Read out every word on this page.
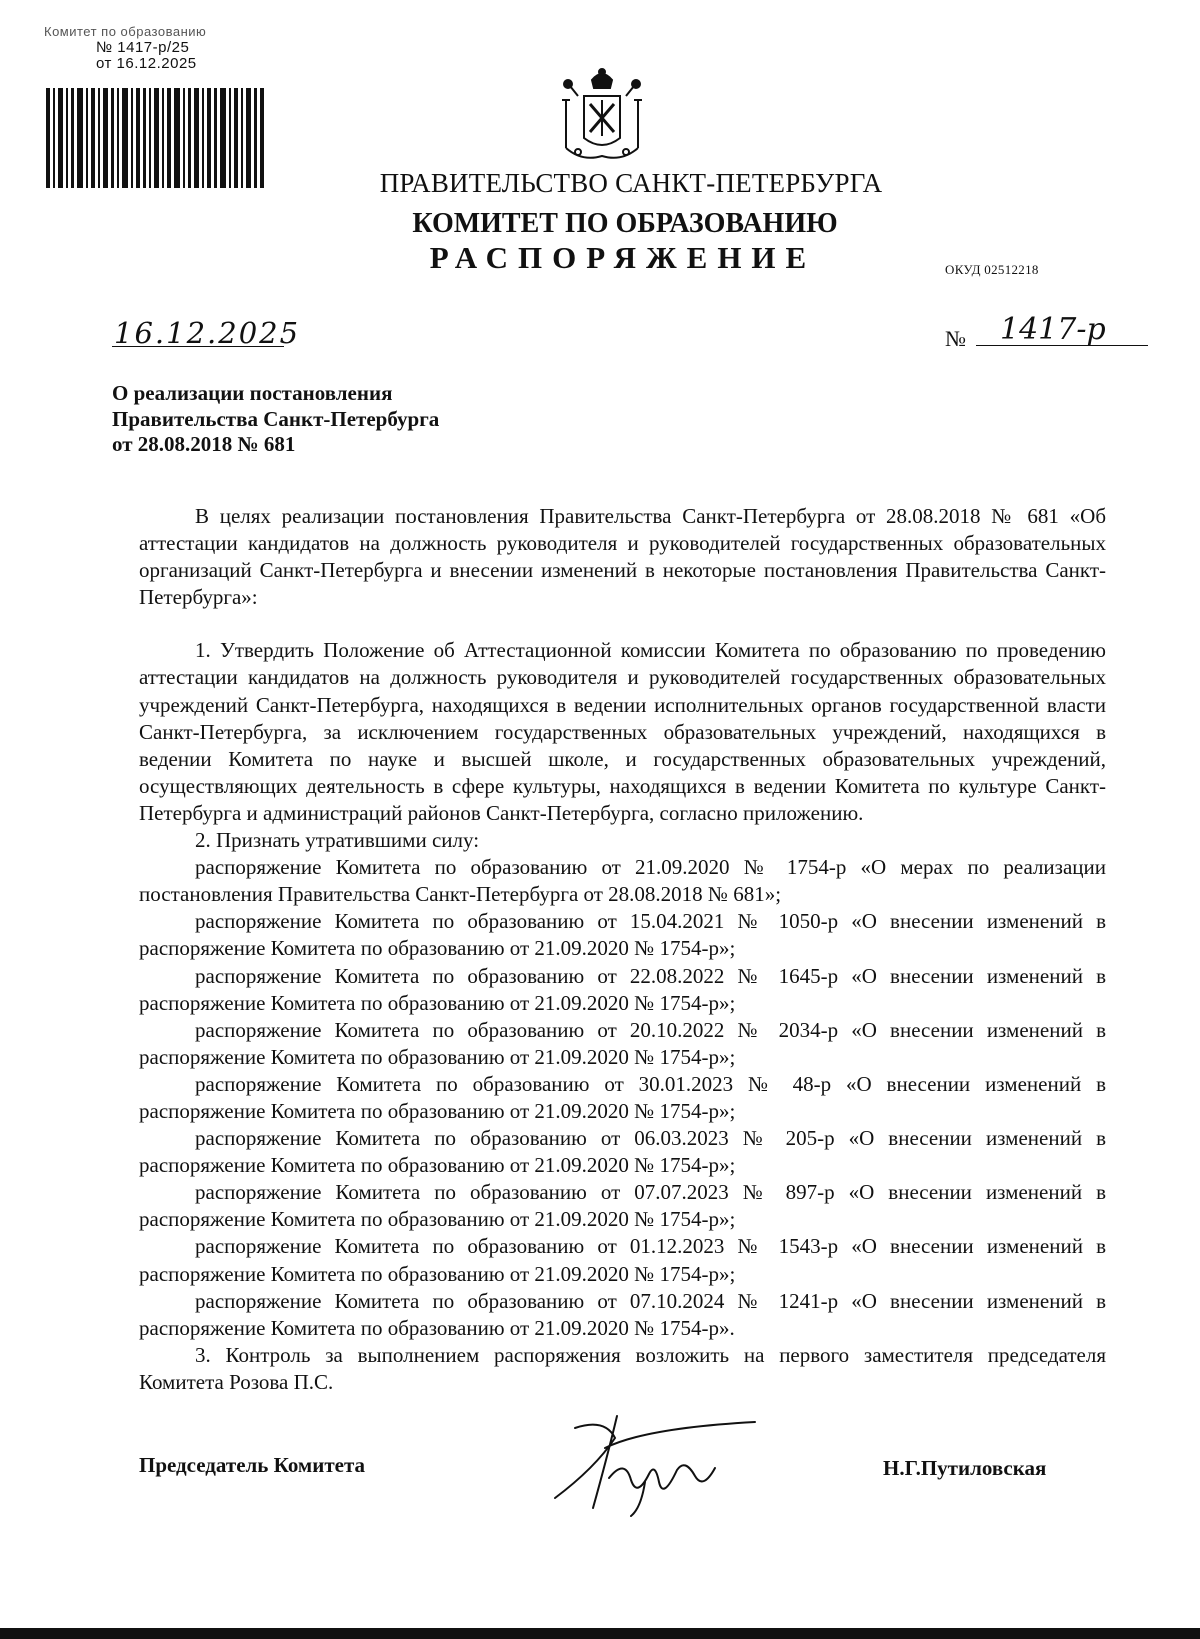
Комитет по образованию
№ 1417-р/25
от 16.12.2025
ПРАВИТЕЛЬСТВО САНКТ-ПЕТЕРБУРГА
КОМИТЕТ ПО ОБРАЗОВАНИЮ
РАСПОРЯЖЕНИЕ	ОКУД 02512218
16.12.2025	№ 1417-р
О реализации постановления
Правительства Санкт-Петербурга
от 28.08.2018 № 681

В целях реализации постановления Правительства Санкт-Петербурга от 28.08.2018 № 681 «Об аттестации кандидатов на должность руководителя и руководителей государственных образовательных организаций Санкт-Петербурга и внесении изменений в некоторые постановления Правительства Санкт-Петербурга»:

1. Утвердить Положение об Аттестационной комиссии Комитета по образованию по проведению аттестации кандидатов на должность руководителя и руководителей государственных образовательных учреждений Санкт-Петербурга, находящихся в ведении исполнительных органов государственной власти Санкт-Петербурга, за исключением государственных образовательных учреждений, находящихся в ведении Комитета по науке и высшей школе, и государственных образовательных учреждений, осуществляющих деятельность в сфере культуры, находящихся в ведении Комитета по культуре Санкт-Петербурга и администраций районов Санкт-Петербурга, согласно приложению.

2. Признать утратившими силу:

распоряжение Комитета по образованию от 21.09.2020 № 1754-р «О мерах по реализации постановления Правительства Санкт-Петербурга от 28.08.2018 № 681»;

распоряжение Комитета по образованию от 15.04.2021 № 1050-р «О внесении изменений в распоряжение Комитета по образованию от 21.09.2020 № 1754-р»;

распоряжение Комитета по образованию от 22.08.2022 № 1645-р «О внесении изменений в распоряжение Комитета по образованию от 21.09.2020 № 1754-р»;

распоряжение Комитета по образованию от 20.10.2022 № 2034-р «О внесении изменений в распоряжение Комитета по образованию от 21.09.2020 № 1754-р»;

распоряжение Комитета по образованию от 30.01.2023 № 48-р «О внесении изменений в распоряжение Комитета по образованию от 21.09.2020 № 1754-р»;

распоряжение Комитета по образованию от 06.03.2023 № 205-р «О внесении изменений в распоряжение Комитета по образованию от 21.09.2020 № 1754-р»;

распоряжение Комитета по образованию от 07.07.2023 № 897-р «О внесении изменений в распоряжение Комитета по образованию от 21.09.2020 № 1754-р»;

распоряжение Комитета по образованию от 01.12.2023 № 1543-р «О внесении изменений в распоряжение Комитета по образованию от 21.09.2020 № 1754-р»;

распоряжение Комитета по образованию от 07.10.2024 № 1241-р «О внесении изменений в распоряжение Комитета по образованию от 21.09.2020 № 1754-р».

3. Контроль за выполнением распоряжения возложить на первого заместителя председателя Комитета Розова П.С.

Председатель Комитета	Н.Г.Путиловская
